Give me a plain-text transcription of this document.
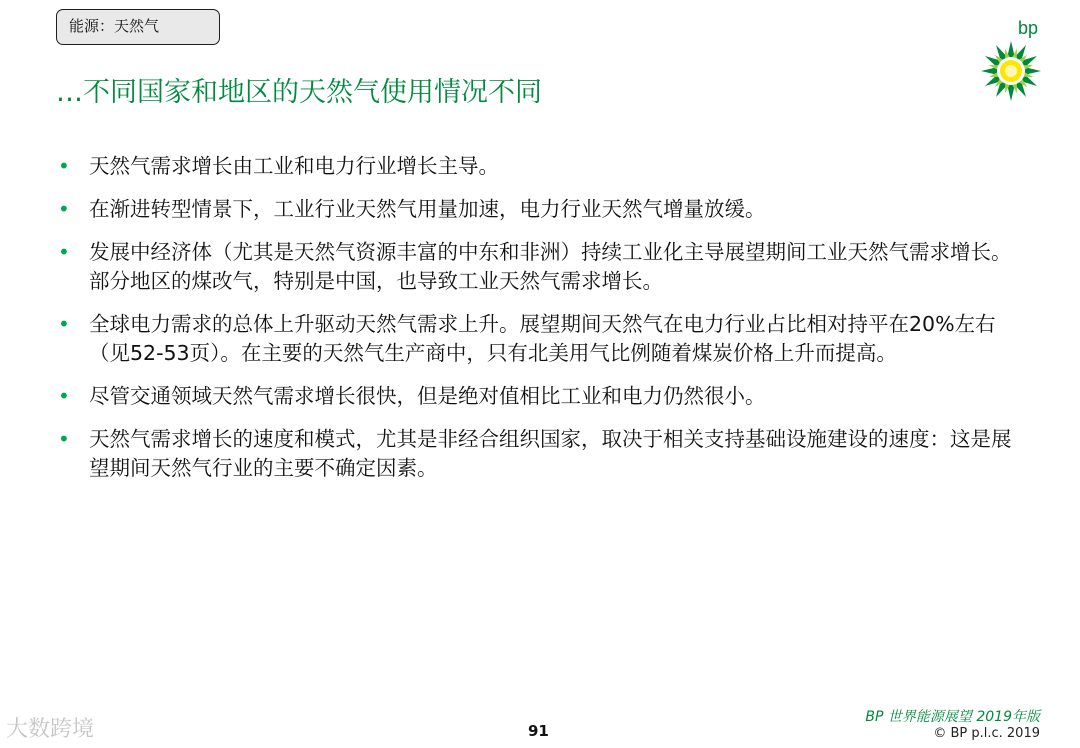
能源：天然气
…不同国家和地区的天然气使用情况不同
bp
• 天然气需求增长由工业和电力行业增长主导。
• 在渐进转型情景下，工业行业天然气用量加速，电力行业天然气增量放缓。
• 发展中经济体（尤其是天然气资源丰富的中东和非洲）持续工业化主导展望期间工业天然气需求增长。部分地区的煤改气，特别是中国，也导致工业天然气需求增长。
• 全球电力需求的总体上升驱动天然气需求上升。展望期间天然气在电力行业占比相对持平在20%左右（见52-53页）。在主要的天然气生产商中，只有北美用气比例随着煤炭价格上升而提高。
• 尽管交通领域天然气需求增长很快，但是绝对值相比工业和电力仍然很小。
• 天然气需求增长的速度和模式，尤其是非经合组织国家，取决于相关支持基础设施建设的速度：这是展望期间天然气行业的主要不确定因素。
大数跨境	91
BP 世界能源展望 2019年版
© BP p.l.c. 2019
